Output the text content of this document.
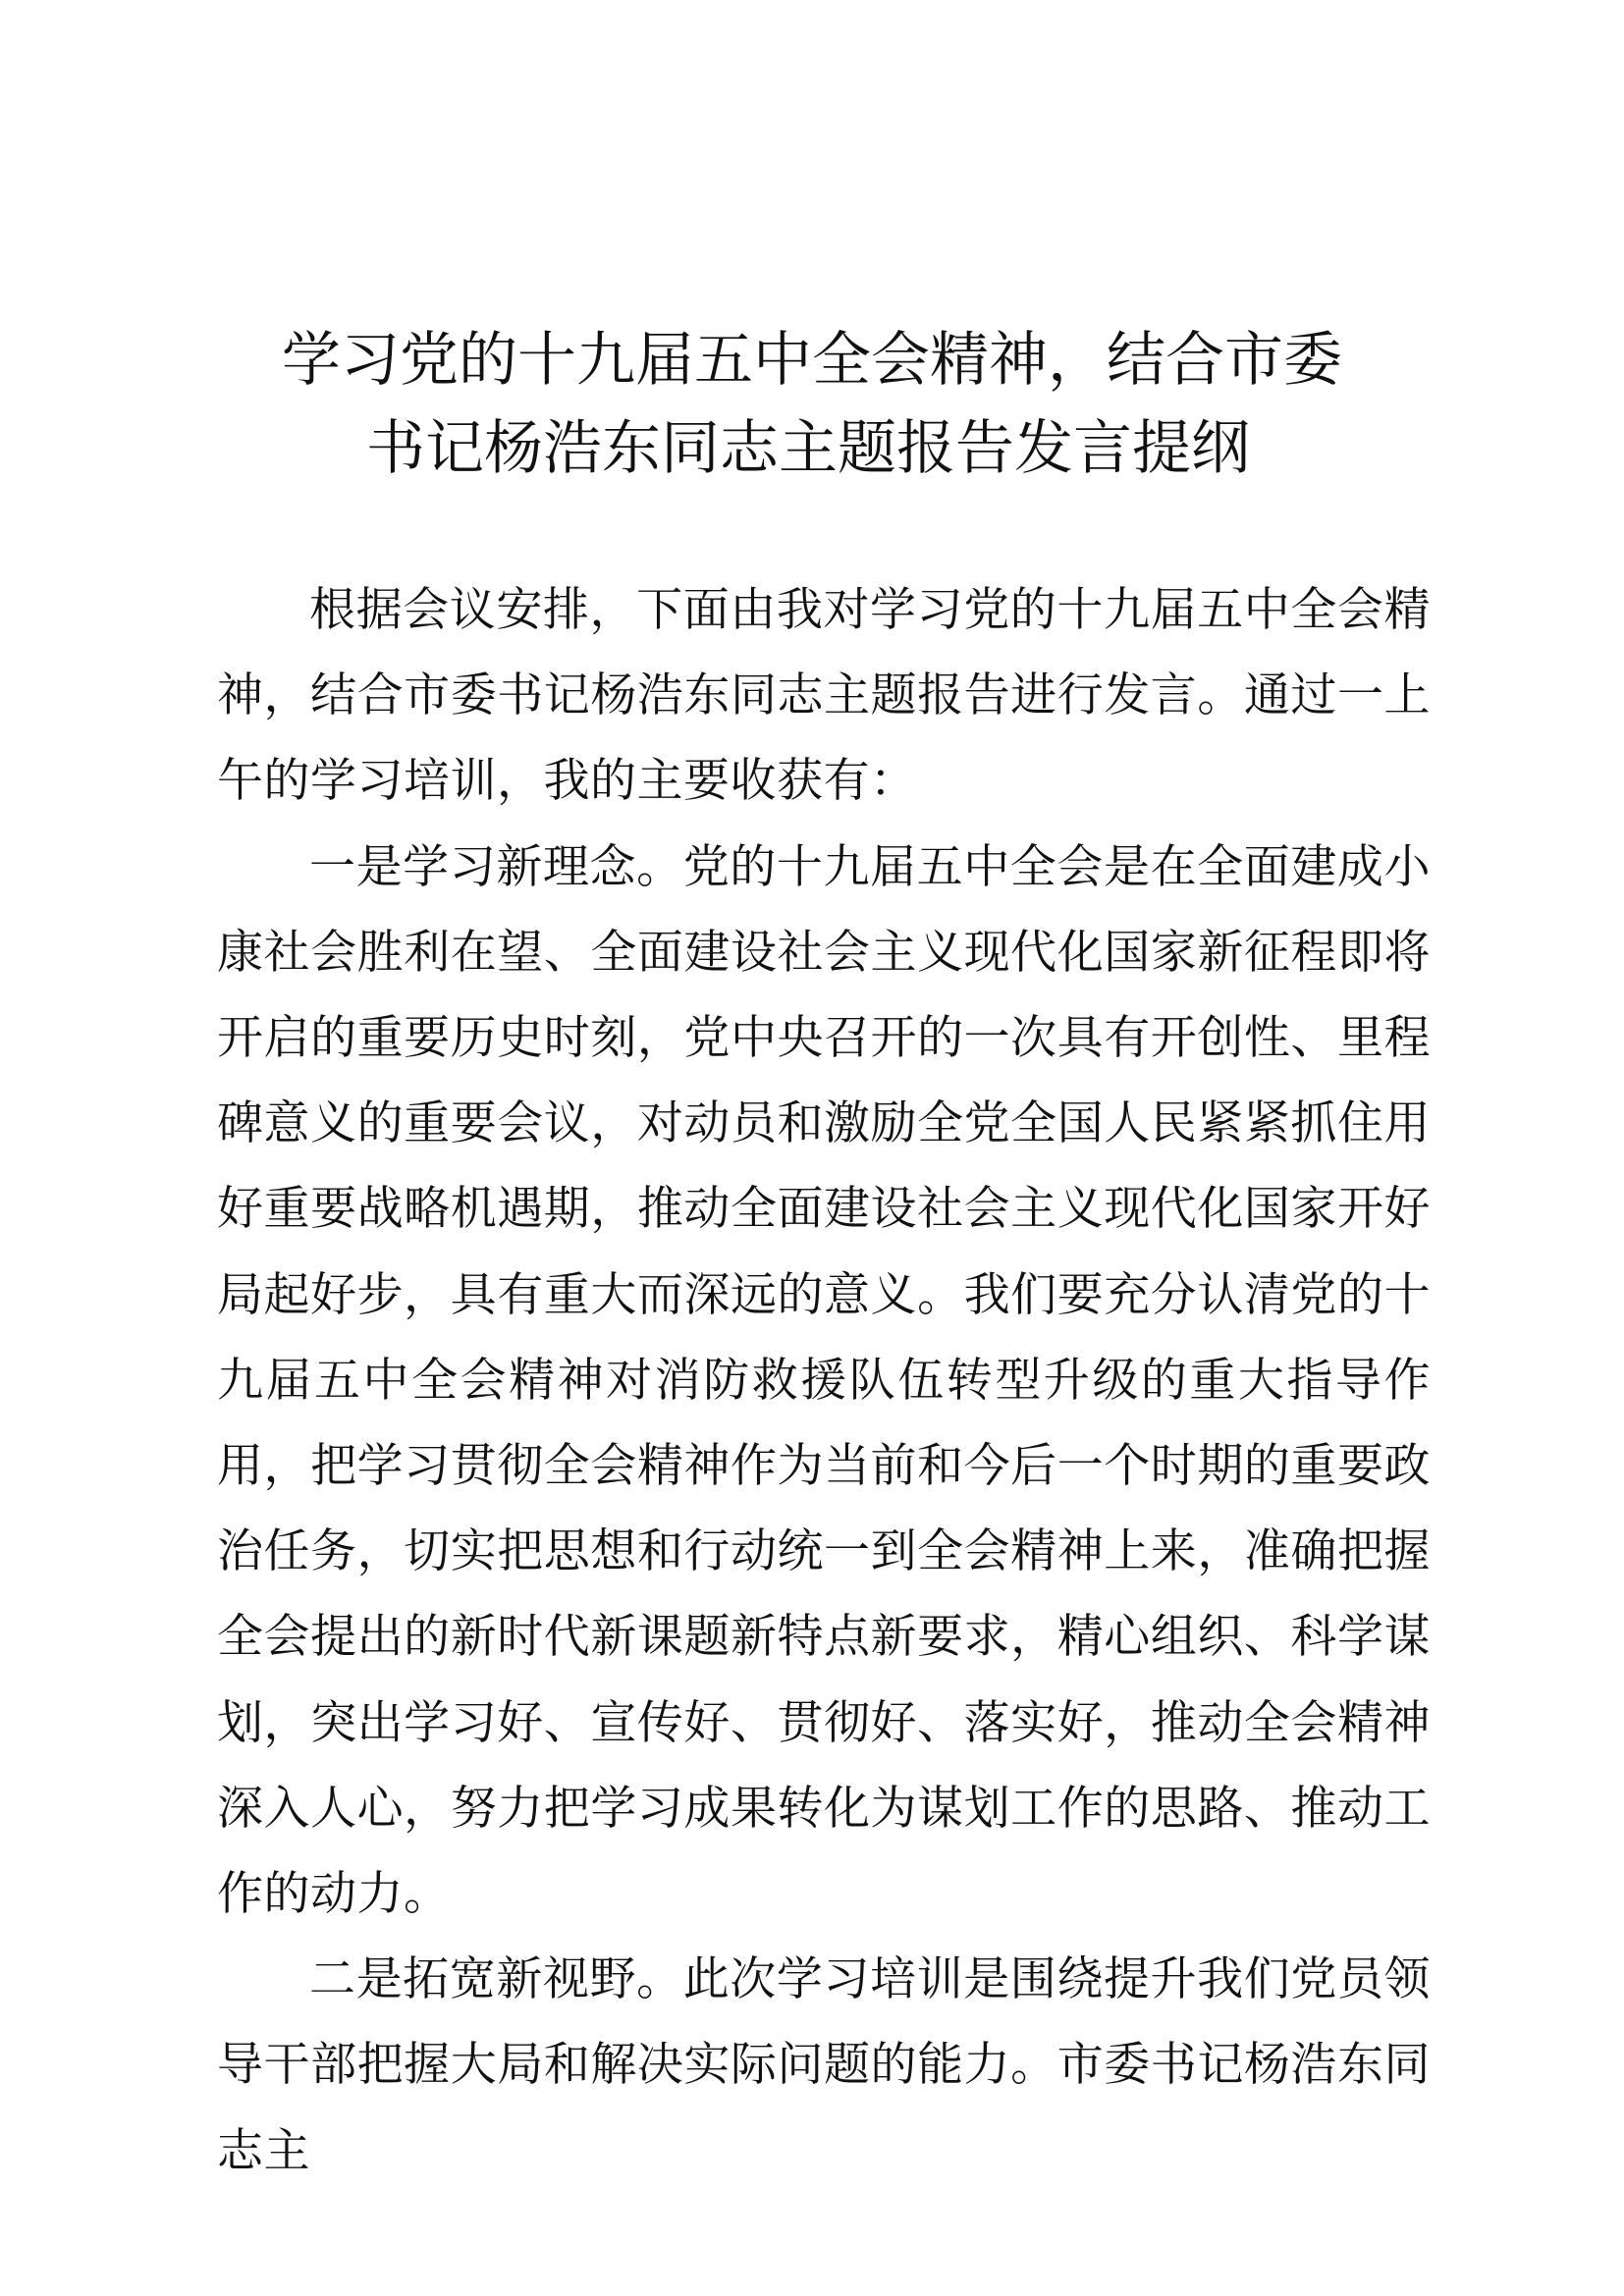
学习党的十九届五中全会精神，结合市委
书记杨浩东同志主题报告发言提纲

根据会议安排，下面由我对学习党的十九届五中全会精神，结合市委书记杨浩东同志主题报告进行发言。通过一上午的学习培训，我的主要收获有：

一是学习新理念。党的十九届五中全会是在全面建成小康社会胜利在望、全面建设社会主义现代化国家新征程即将开启的重要历史时刻，党中央召开的一次具有开创性、里程碑意义的重要会议，对动员和激励全党全国人民紧紧抓住用好重要战略机遇期，推动全面建设社会主义现代化国家开好局起好步，具有重大而深远的意义。我们要充分认清党的十九届五中全会精神对消防救援队伍转型升级的重大指导作用，把学习贯彻全会精神作为当前和今后一个时期的重要政治任务，切实把思想和行动统一到全会精神上来，准确把握全会提出的新时代新课题新特点新要求，精心组织、科学谋划，突出学习好、宣传好、贯彻好、落实好，推动全会精神深入人心，努力把学习成果转化为谋划工作的思路、推动工作的动力。

二是拓宽新视野。此次学习培训是围绕提升我们党员领导干部把握大局和解决实际问题的能力。市委书记杨浩东同志主
